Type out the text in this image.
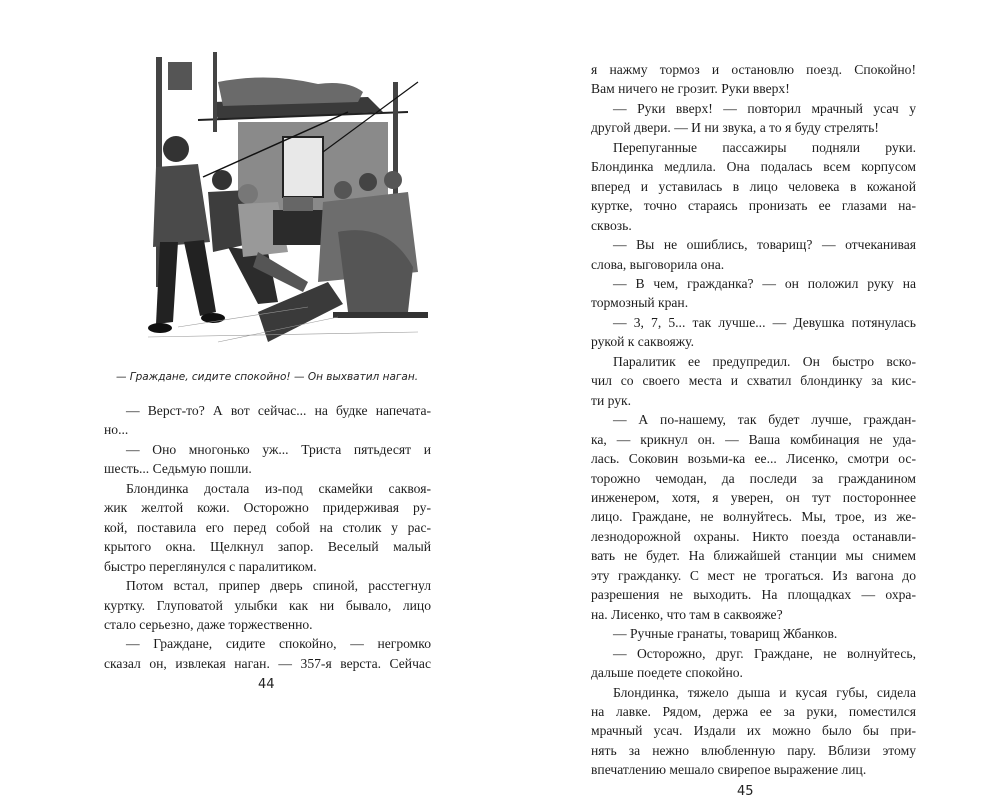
— Граждане, сидите спокойно! — Он выхватил наган.
— Верст-то? А вот сейчас... на будке напечата-
но...
— Оно многонько уж... Триста пятьдесят и
шесть... Седьмую пошли.
Блондинка достала из-под скамейки саквоя-
жик желтой кожи. Осторожно придерживая ру-
кой, поставила его перед собой на столик у рас-
крытого окна. Щелкнул запор. Веселый малый
быстро переглянулся с паралитиком.
Потом встал, припер дверь спиной, расстегнул
куртку. Глуповатой улыбки как ни бывало, лицо
стало серьезно, даже торжественно.
— Граждане, сидите спокойно, — негромко
сказал он, извлекая наган. — 357-я верста. Сейчас
44
я нажму тормоз и остановлю поезд. Спокойно!
Вам ничего не грозит. Руки вверх!
— Руки вверх! — повторил мрачный усач у
другой двери. — И ни звука, а то я буду стрелять!
Перепуганные пассажиры подняли руки.
Блондинка медлила. Она подалась всем корпусом
вперед и уставилась в лицо человека в кожаной
куртке, точно стараясь пронизать ее глазами на-
сквозь.
— Вы не ошиблись, товарищ? — отчеканивая
слова, выговорила она.
— В чем, гражданка? — он положил руку на
тормозный кран.
— 3, 7, 5... так лучше... — Девушка потянулась
рукой к саквояжу.
Паралитик ее предупредил. Он быстро вско-
чил со своего места и схватил блондинку за кис-
ти рук.
— А по-нашему, так будет лучше, граждан-
ка, — крикнул он. — Ваша комбинация не уда-
лась. Соковин возьми-ка ее... Лисенко, смотри ос-
торожно чемодан, да последи за гражданином
инженером, хотя, я уверен, он тут постороннее
лицо. Граждане, не волнуйтесь. Мы, трое, из же-
лезнодорожной охраны. Никто поезда останавли-
вать не будет. На ближайшей станции мы снимем
эту гражданку. С мест не трогаться. Из вагона до
разрешения не выходить. На площадках — охра-
на. Лисенко, что там в саквояже?
— Ручные гранаты, товарищ Жбанков.
— Осторожно, друг. Граждане, не волнуйтесь,
дальше поедете спокойно.
Блондинка, тяжело дыша и кусая губы, сидела
на лавке. Рядом, держа ее за руки, поместился
мрачный усач. Издали их можно было бы при-
нять за нежно влюбленную пару. Вблизи этому
впечатлению мешало свирепое выражение лиц.
45
